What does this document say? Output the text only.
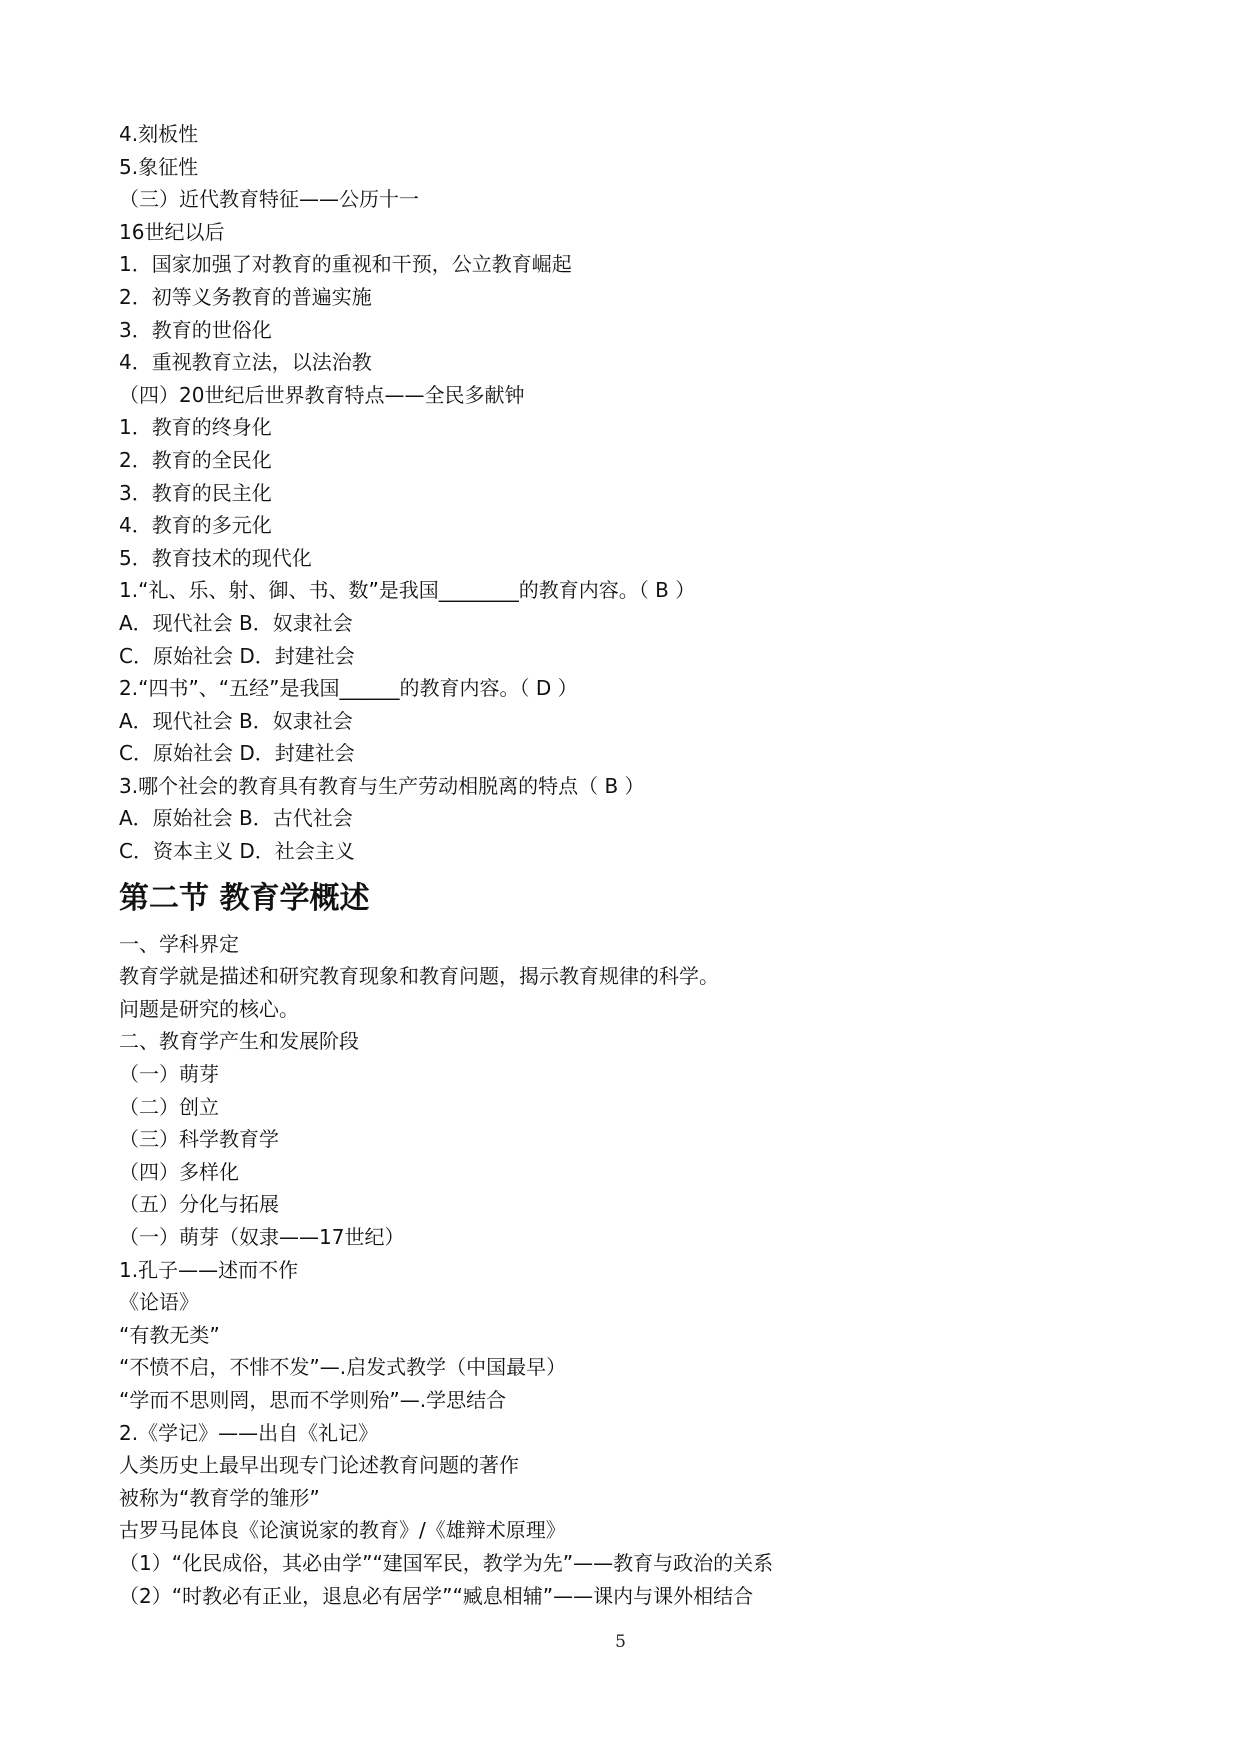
4.刻板性
5.象征性
（三）近代教育特征——公历十一
16世纪以后
1．国家加强了对教育的重视和干预，公立教育崛起
2．初等义务教育的普遍实施
3．教育的世俗化
4．重视教育立法，以法治教
（四）20世纪后世界教育特点——全民多献钟
1．教育的终身化
2．教育的全民化
3．教育的民主化
4．教育的多元化
5．教育技术的现代化
1.“礼、乐、射、御、书、数”是我国________的教育内容。（ B ）
A．现代社会 B．奴隶社会
C．原始社会 D．封建社会
2.“四书”、“五经”是我国______的教育内容。（ D ）
A．现代社会 B．奴隶社会
C．原始社会 D．封建社会
3.哪个社会的教育具有教育与生产劳动相脱离的特点（ B ）
A．原始社会 B．古代社会
C．资本主义 D．社会主义
第二节 教育学概述
一、学科界定
教育学就是描述和研究教育现象和教育问题，揭示教育规律的科学。
问题是研究的核心。
二、教育学产生和发展阶段
（一）萌芽
（二）创立
（三）科学教育学
（四）多样化
（五）分化与拓展
（一）萌芽（奴隶——17世纪）
1.孔子——述而不作
《论语》
“有教无类”
“不愤不启，不悱不发”—.启发式教学（中国最早）
“学而不思则罔，思而不学则殆”—.学思结合
2.《学记》——出自《礼记》
人类历史上最早出现专门论述教育问题的著作
被称为“教育学的雏形”
古罗马昆体良《论演说家的教育》/《雄辩术原理》
（1）“化民成俗，其必由学”“建国军民，教学为先”——教育与政治的关系
（2）“时教必有正业，退息必有居学”“臧息相辅”——课内与课外相结合
5
